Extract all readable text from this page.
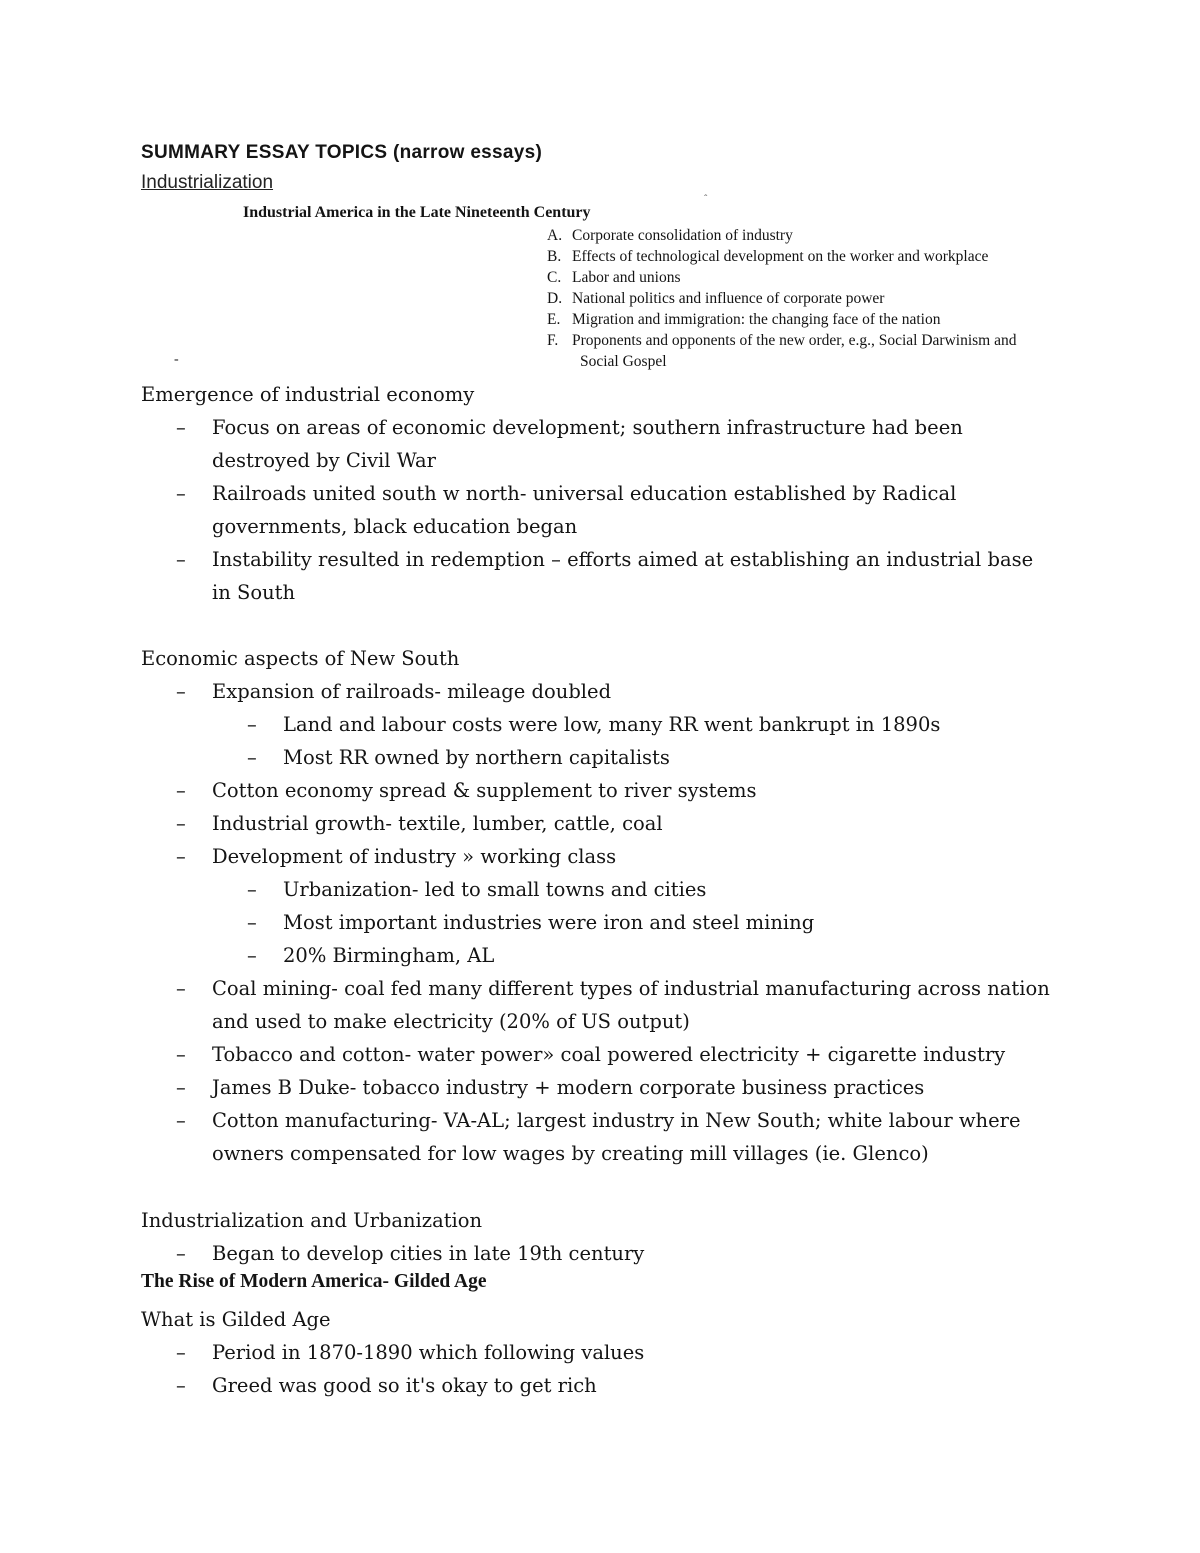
SUMMARY ESSAY TOPICS (narrow essays)
Industrialization
ˆ
Industrial America in the Late Nineteenth Century
A. Corporate consolidation of industry
B. Effects of technological development on the worker and workplace
C. Labor and unions
D. National politics and influence of corporate power
E. Migration and immigration: the changing face of the nation
F. Proponents and opponents of the new order, e.g., Social Darwinism and
Social Gospel
-
Emergence of industrial economy
– Focus on areas of economic development; southern infrastructure had been destroyed by Civil War
– Railroads united south w north- universal education established by Radical governments, black education began
– Instability resulted in redemption – efforts aimed at establishing an industrial base in South
Economic aspects of New South
– Expansion of railroads- mileage doubled
– Land and labour costs were low, many RR went bankrupt in 1890s
– Most RR owned by northern capitalists
– Cotton economy spread & supplement to river systems
– Industrial growth- textile, lumber, cattle, coal
– Development of industry » working class
– Urbanization- led to small towns and cities
– Most important industries were iron and steel mining
– 20% Birmingham, AL
– Coal mining- coal fed many different types of industrial manufacturing across nation and used to make electricity (20% of US output)
– Tobacco and cotton- water power» coal powered electricity + cigarette industry
– James B Duke- tobacco industry + modern corporate business practices
– Cotton manufacturing- VA-AL; largest industry in New South; white labour where owners compensated for low wages by creating mill villages (ie. Glenco)
Industrialization and Urbanization
– Began to develop cities in late 19th century
The Rise of Modern America- Gilded Age
What is Gilded Age
– Period in 1870-1890 which following values
– Greed was good so it's okay to get rich
